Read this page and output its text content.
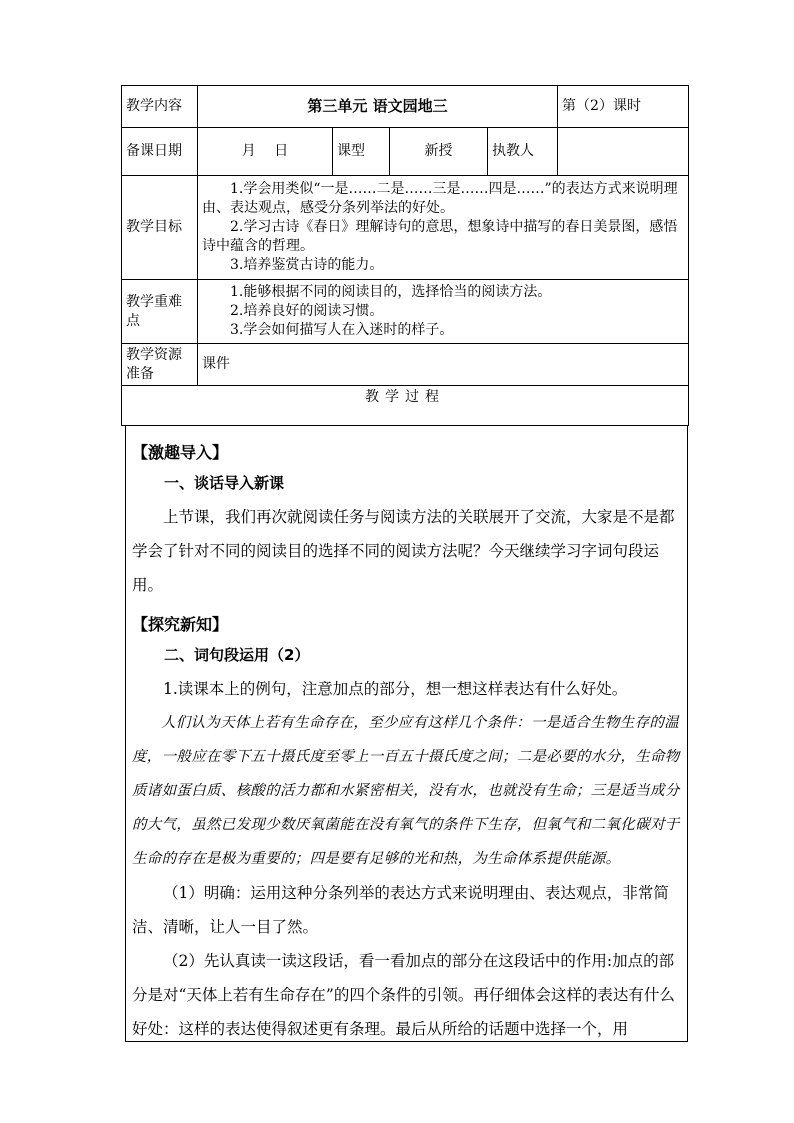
教学内容	第三单元 语文园地三				第（2）课时
备课日期	月　 日	课型	新授	执教人	
教学目标	1.学会用类似“一是……二是……三是……四是……”的表达方式来说明理由、表达观点，感受分条列举法的好处。

2.学习古诗《春日》理解诗句的意思，想象诗中描写的春日美景图，感悟诗中蕴含的哲理。

3.培养鉴赏古诗的能力。				

教学重难点	1.能够根据不同的阅读目的，选择恰当的阅读方法。

2.培养良好的阅读习惯。

3.学会如何描写人在入迷时的样子。				

教学资源准备	课件				
教学过程					

【激趣导入】

一、谈话导入新课

上节课，我们再次就阅读任务与阅读方法的关联展开了交流，大家是不是都学会了针对不同的阅读目的选择不同的阅读方法呢？今天继续学习字词句段运用。

【探究新知】

二、词句段运用（2）

1.读课本上的例句，注意加点的部分，想一想这样表达有什么好处。

人们认为天体上若有生命存在，至少应有这样几个条件：一是适合生物生存的温度，一般应在零下五十摄氏度至零上一百五十摄氏度之间；二是必要的水分，生命物质诸如蛋白质、核酸的活力都和水紧密相关，没有水，也就没有生命；三是适当成分的大气，虽然已发现少数厌氧菌能在没有氧气的条件下生存，但氧气和二氧化碳对于生命的存在是极为重要的；四是要有足够的光和热，为生命体系提供能源。

（1）明确：运用这种分条列举的表达方式来说明理由、表达观点，非常简洁、清晰，让人一目了然。

（2）先认真读一读这段话，看一看加点的部分在这段话中的作用:加点的部分是对“天体上若有生命存在”的四个条件的引领。再仔细体会这样的表达有什么好处：这样的表达使得叙述更有条理。最后从所给的话题中选择一个，用
